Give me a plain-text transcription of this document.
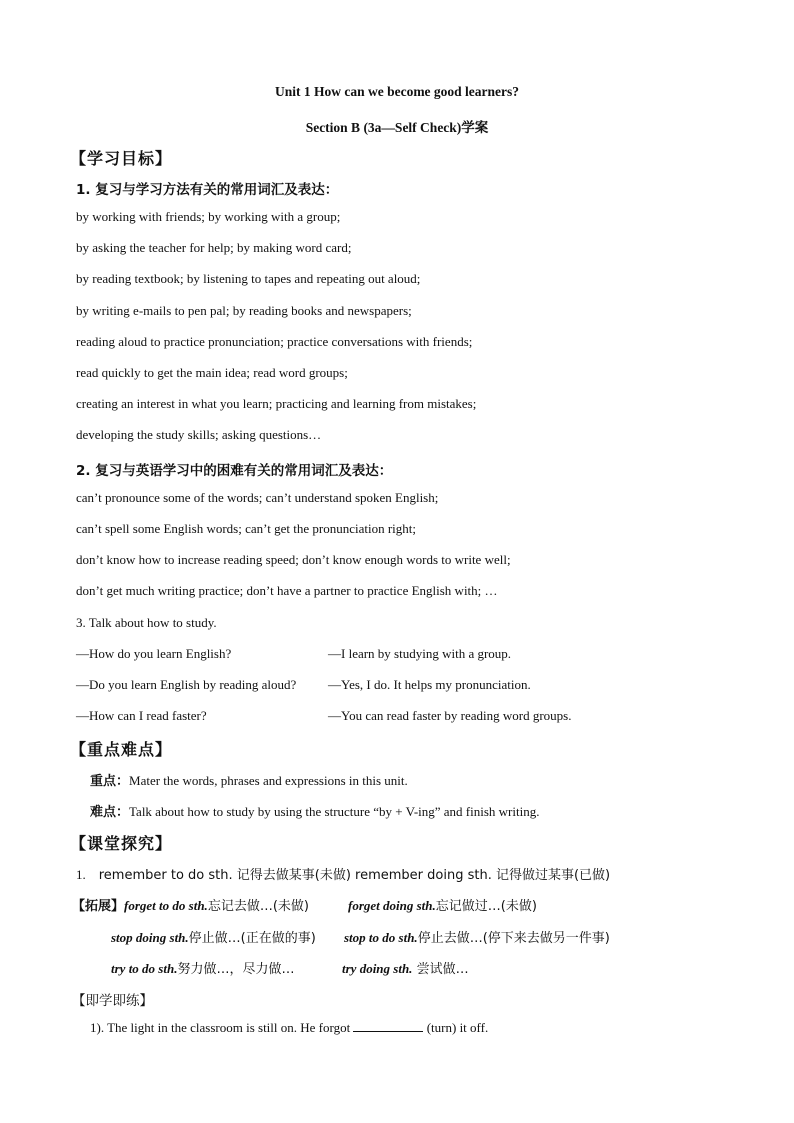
Unit 1 How can we become good learners?
Section B (3a—Self Check)学案
【学习目标】
1. 复习与学习方法有关的常用词汇及表达：
by working with friends; by working with a group;
by asking the teacher for help; by making word card;
by reading textbook; by listening to tapes and repeating out aloud;
by writing e-mails to pen pal; by reading books and newspapers;
reading aloud to practice pronunciation; practice conversations with friends;
read quickly to get the main idea; read word groups;
creating an interest in what you learn; practicing and learning from mistakes;
developing the study skills; asking questions…
2. 复习与英语学习中的困难有关的常用词汇及表达：
can’t pronounce some of the words; can’t understand spoken English;
can’t spell some English words; can’t get the pronunciation right;
don’t know how to increase reading speed; don’t know enough words to write well;
don’t get much writing practice; don’t have a partner to practice English with; …
3. Talk about how to study.
—How do you learn English?	—I learn by studying with a group.
—Do you learn English by reading aloud? —Yes, I do. It helps my pronunciation.
—How can I read faster?	—You can read faster by reading word groups.
【重点难点】
重点：Mater the words, phrases and expressions in this unit.
难点：Talk about how to study by using the structure “by + V-ing” and finish writing.
【课堂探究】
1. remember to do sth. 记得去做某事(未做) remember doing sth. 记得做过某事(已做)
【拓展】forget to do sth.忘记去做…(未做)	forget doing sth.忘记做过…(未做)
stop doing sth.停止做…(正在做的事) stop to do sth.停止去做…(停下来去做另一件事)
try to do sth.努力做…，尽力做…	try doing sth. 尝试做…
【即学即练】
1). The light in the classroom is still on. He forgot	(turn) it off.
